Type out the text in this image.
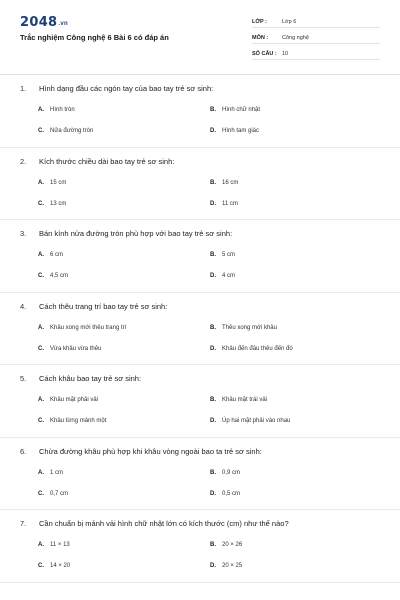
2048.vn
Trắc nghiệm Công nghệ 6 Bài 6 có đáp án
LỚP :	Lớp 6
MÔN :	Công nghệ
SỐ CÂU : 10
1.	Hình dạng đầu các ngón tay của bao tay trẻ sơ sinh:
A.	Hình tròn	B.	Hình chữ nhật
C.	Nửa đường tròn	D.	Hình tam giác
2.	Kích thước chiều dài bao tay trẻ sơ sinh:
A.	15 cm	B.	16 cm
C.	13 cm	D.	11 cm
3.	Bán kính nửa đường tròn phù hợp với bao tay trẻ sơ sinh:
A.	6 cm	B.	5 cm
C.	4,5 cm	D.	4 cm
4.	Cách thêu trang trí bao tay trẻ sơ sinh:
A.	Khâu xong mới thêu trang trí	B.	Thêu xong mới khâu
C.	Vừa khâu vừa thêu	D.	Khâu đến đâu thêu đến đó
5.	Cách khâu bao tay trẻ sơ sinh:
A.	Khâu mặt phải vải	B.	Khâu mặt trái vải
C.	Khâu từng mảnh một	D.	Úp hai mặt phải vào nhau
6.	Chừa đường khâu phù hợp khi khâu vòng ngoài bao ta trẻ sơ sinh:
A.	1 cm	B.	0,9 cm
C.	0,7 cm	D.	0,5 cm
7.	Cần chuẩn bị mảnh vải hình chữ nhật lớn có kích thước (cm) như thế nào?
A.	11 × 13	B.	20 × 26
C.	14 × 20	D.	20 × 25
